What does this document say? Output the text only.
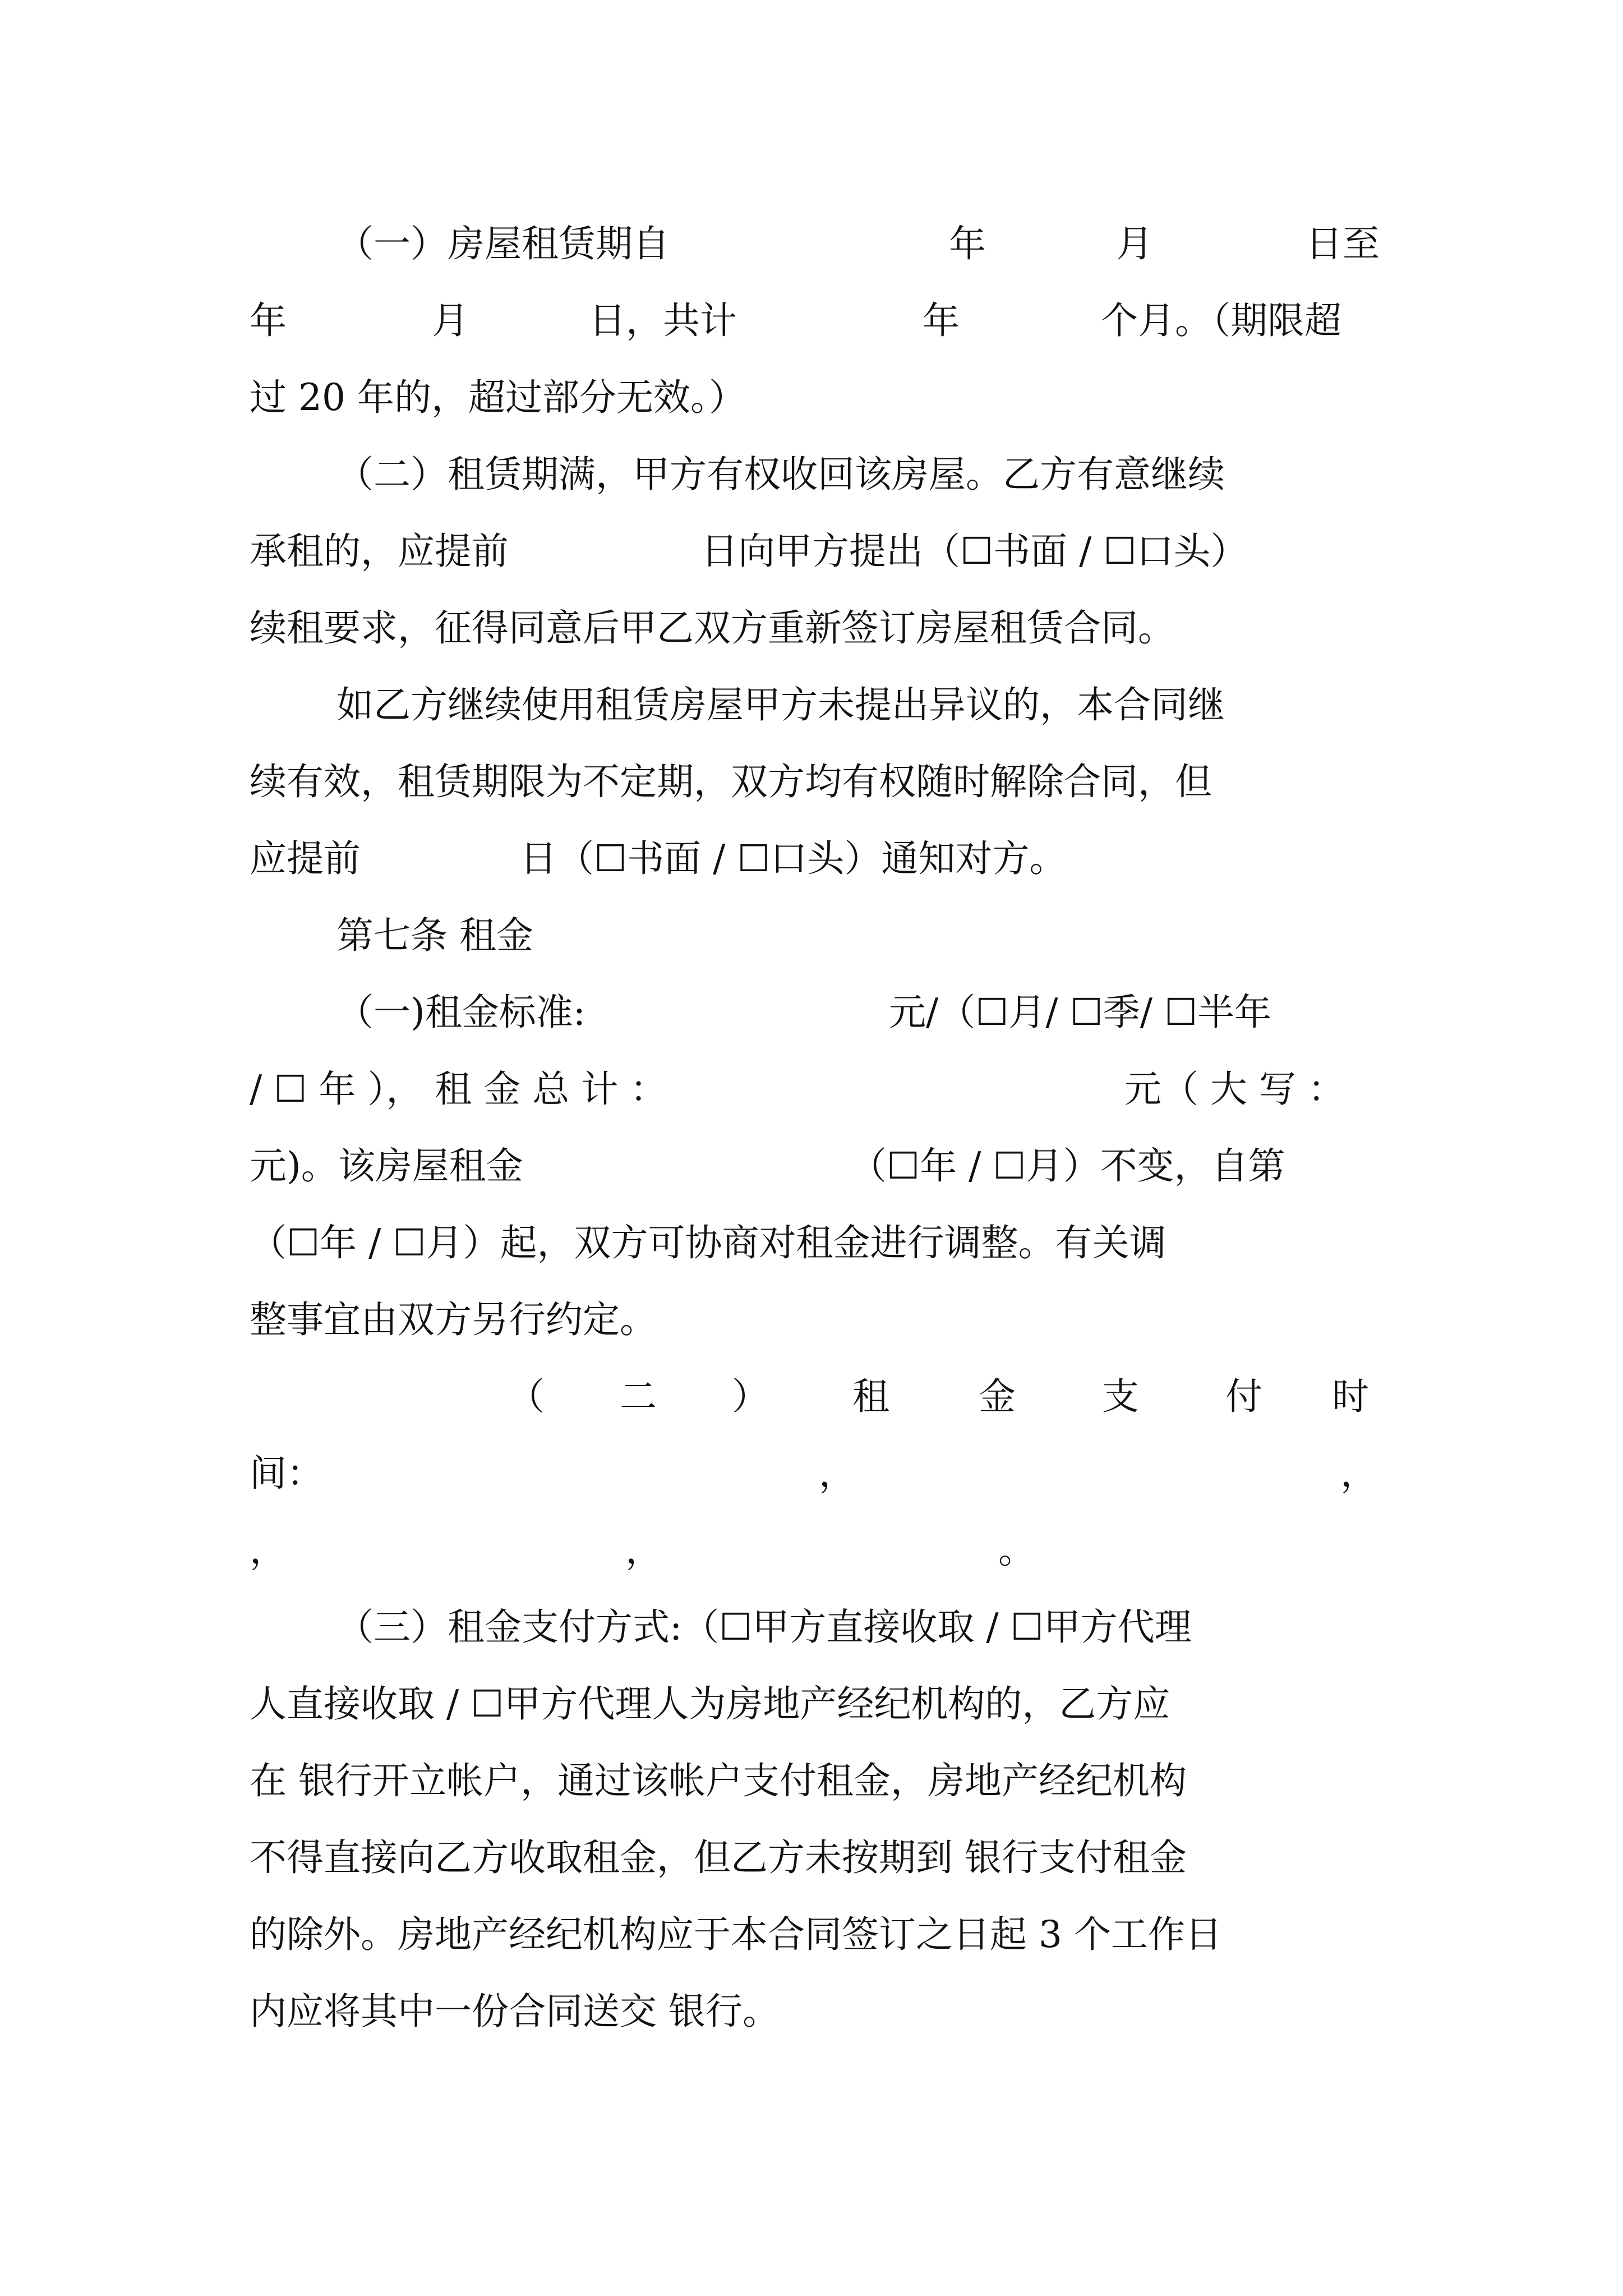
（一）房屋租赁期自	年	月	日至
年	月	日，共计	年	个月。（期限超
过 20 年的，超过部分无效。）
（二）租赁期满，甲方有权收回该房屋。乙方有意继续
承租的，应提前	日向甲方提出（☐书面 / ☐口头）
续租要求，征得同意后甲乙双方重新签订房屋租赁合同。
如乙方继续使用租赁房屋甲方未提出异议的，本合同继
续有效，租赁期限为不定期，双方均有权随时解除合同，但
应提前	日（☐书面 / ☐口头）通知对方。
第七条 租金
（一)租金标准:	元/（☐月/ ☐季/ ☐半年
/ ☐ 年 ）， 租 金 总 计 ：	元（ 大 写 ：
元)。该房屋租金	（☐年 / ☐月）不变，自第
（☐年 / ☐月）起，双方可协商对租金进行调整。有关调
整事宜由双方另行约定。
（ 二 ） 租 金 支 付 时
间：	，	，
，	，	。
（三）租金支付方式:（☐甲方直接收取 / ☐甲方代理
人直接收取 / ☐甲方代理人为房地产经纪机构的，乙方应
在 银行开立帐户，通过该帐户支付租金，房地产经纪机构
不得直接向乙方收取租金，但乙方未按期到 银行支付租金
的除外。房地产经纪机构应于本合同签订之日起 3 个工作日
内应将其中一份合同送交 银行。
